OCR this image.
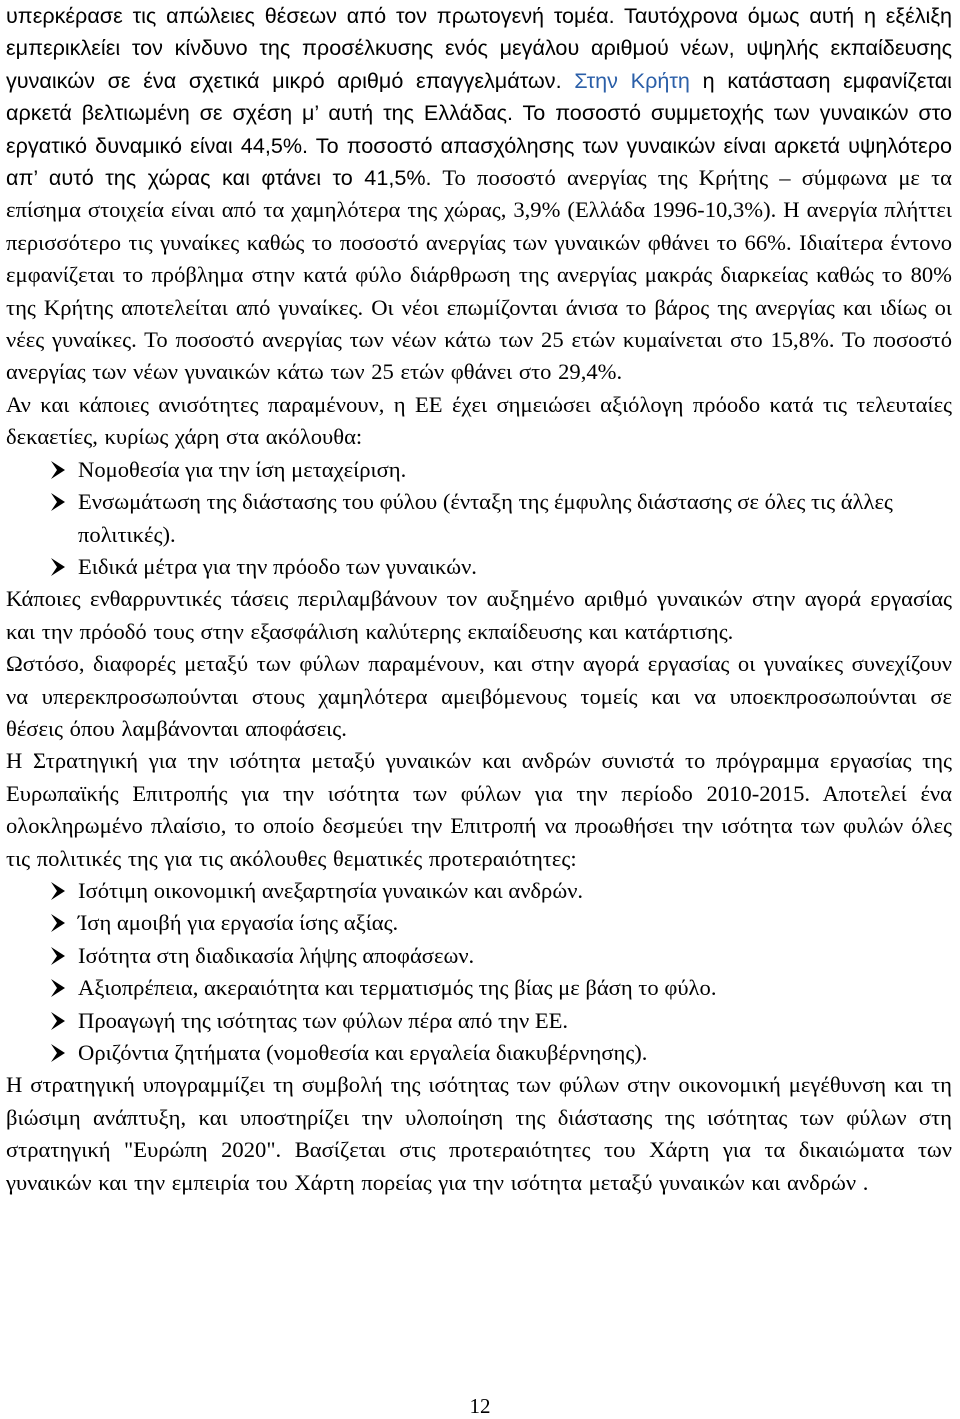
υπερκέρασε τις απώλειες θέσεων από τον πρωτογενή τομέα. Ταυτόχρονα όμως αυτή η εξέλιξη εμπερικλείει τον κίνδυνο της προσέλκυσης ενός μεγάλου αριθμού νέων, υψηλής εκπαίδευσης γυναικών σε ένα σχετικά μικρό αριθμό επαγγελμάτων. Στην Κρήτη η κατάσταση εμφανίζεται αρκετά βελτιωμένη σε σχέση μ’ αυτή της Ελλάδας. Το ποσοστό συμμετοχής των γυναικών στο εργατικό δυναμικό είναι 44,5%. Το ποσοστό απασχόλησης των γυναικών είναι αρκετά υψηλότερο απ’ αυτό της χώρας και φτάνει το 41,5%. Το ποσοστό ανεργίας της Κρήτης – σύμφωνα με τα επίσημα στοιχεία είναι από τα χαμηλότερα της χώρας, 3,9% (Ελλάδα 1996-10,3%). Η ανεργία πλήττει περισσότερο τις γυναίκες καθώς το ποσοστό ανεργίας των γυναικών φθάνει το 66%. Ιδιαίτερα έντονο εμφανίζεται το πρόβλημα στην κατά φύλο διάρθρωση της ανεργίας μακράς διαρκείας καθώς το 80% της Κρήτης αποτελείται από γυναίκες. Οι νέοι επωμίζονται άνισα το βάρος της ανεργίας και ιδίως οι νέες γυναίκες. Το ποσοστό ανεργίας των νέων κάτω των 25 ετών κυμαίνεται στο 15,8%. Το ποσοστό ανεργίας των νέων γυναικών κάτω των 25 ετών φθάνει στο 29,4%.

Αν και κάποιες ανισότητες παραμένουν, η ΕΕ έχει σημειώσει αξιόλογη πρόοδο κατά τις τελευταίες δεκαετίες, κυρίως χάρη στα ακόλουθα:

Νομοθεσία για την ίση μεταχείριση.
Ενσωμάτωση της διάστασης του φύλου (ένταξη της έμφυλης διάστασης σε όλες τις άλλες πολιτικές).
Ειδικά μέτρα για την πρόοδο των γυναικών.

Κάποιες ενθαρρυντικές τάσεις περιλαμβάνουν τον αυξημένο αριθμό γυναικών στην αγορά εργασίας και την πρόοδό τους στην εξασφάλιση καλύτερης εκπαίδευσης και κατάρτισης.

Ωστόσο, διαφορές μεταξύ των φύλων παραμένουν, και στην αγορά εργασίας οι γυναίκες συνεχίζουν να υπερεκπροσωπούνται στους χαμηλότερα αμειβόμενους τομείς και να υποεκπροσωπούνται σε θέσεις όπου λαμβάνονται αποφάσεις.

Η Στρατηγική για την ισότητα μεταξύ γυναικών και ανδρών συνιστά το πρόγραμμα εργασίας της Ευρωπαϊκής Επιτροπής για την ισότητα των φύλων για την περίοδο 2010-2015. Αποτελεί ένα ολοκληρωμένο πλαίσιο, το οποίο δεσμεύει την Επιτροπή να προωθήσει την ισότητα των φυλών όλες τις πολιτικές της για τις ακόλουθες θεματικές προτεραιότητες:

Ισότιμη οικονομική ανεξαρτησία γυναικών και ανδρών.
Ίση αμοιβή για εργασία ίσης αξίας.
Ισότητα στη διαδικασία λήψης αποφάσεων.
Αξιοπρέπεια, ακεραιότητα και τερματισμός της βίας με βάση το φύλο.
Προαγωγή της ισότητας των φύλων πέρα από την ΕΕ.
Οριζόντια ζητήματα (νομοθεσία και εργαλεία διακυβέρνησης).

Η στρατηγική υπογραμμίζει τη συμβολή της ισότητας των φύλων στην οικονομική μεγέθυνση και τη βιώσιμη ανάπτυξη, και υποστηρίζει την υλοποίηση της διάστασης της ισότητας των φύλων στη στρατηγική "Ευρώπη 2020". Βασίζεται στις προτεραιότητες του Χάρτη για τα δικαιώματα των γυναικών και την εμπειρία του Χάρτη πορείας για την ισότητα μεταξύ γυναικών και ανδρών .

12
